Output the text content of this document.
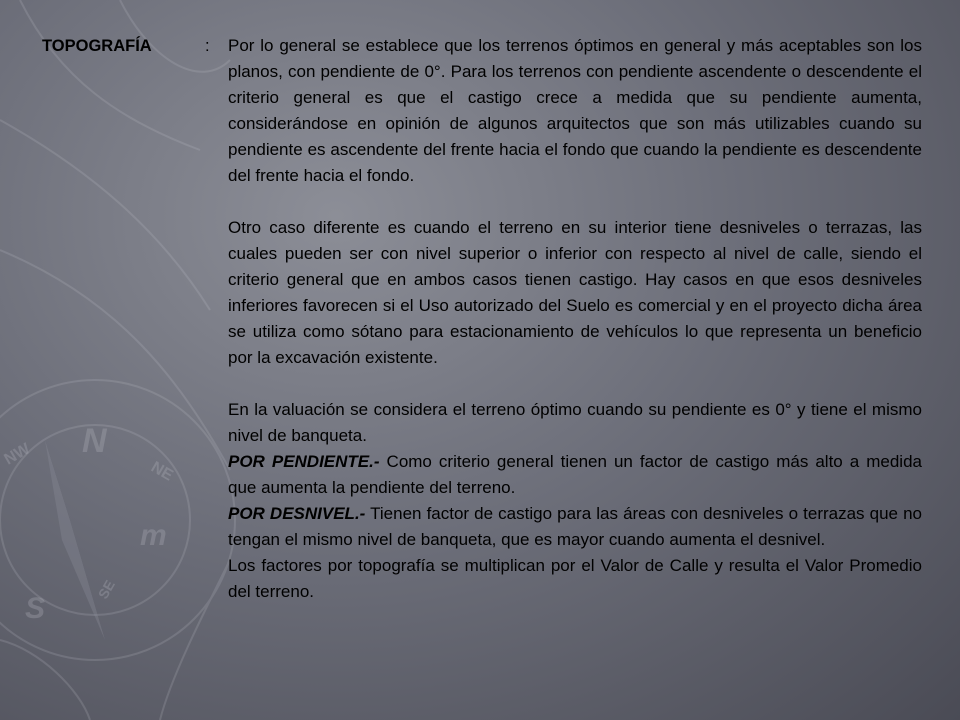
N
NW
NE
m
S
SE
TOPOGRAFÍA	: Por lo general se establece que los terrenos óptimos en general y más aceptables son los planos, con pendiente de 0°. Para los terrenos con pendiente ascendente o descendente el criterio general es que el castigo crece a medida que su pendiente aumenta, considerándose en opinión de algunos arquitectos que son más utilizables cuando su pendiente es ascendente del frente hacia el fondo que cuando la pendiente es descendente del frente hacia el fondo.

Otro caso diferente es cuando el terreno en su interior tiene desniveles o terrazas, las cuales pueden ser con nivel superior o inferior con respecto al nivel de calle, siendo el criterio general que en ambos casos tienen castigo. Hay casos en que esos desniveles inferiores favorecen si el Uso autorizado del Suelo es comercial y en el proyecto dicha área se utiliza como sótano para estacionamiento de vehículos lo que representa un beneficio por la excavación existente.

En la valuación se considera el terreno óptimo cuando su pendiente es 0° y tiene el mismo nivel de banqueta.

POR PENDIENTE.- Como criterio general tienen un factor de castigo más alto a medida que aumenta la pendiente del terreno.

POR DESNIVEL.- Tienen factor de castigo para las áreas con desniveles o terrazas que no tengan el mismo nivel de banqueta, que es mayor cuando aumenta el desnivel.

Los factores por topografía se multiplican por el Valor de Calle y resulta el Valor Promedio del terreno.
